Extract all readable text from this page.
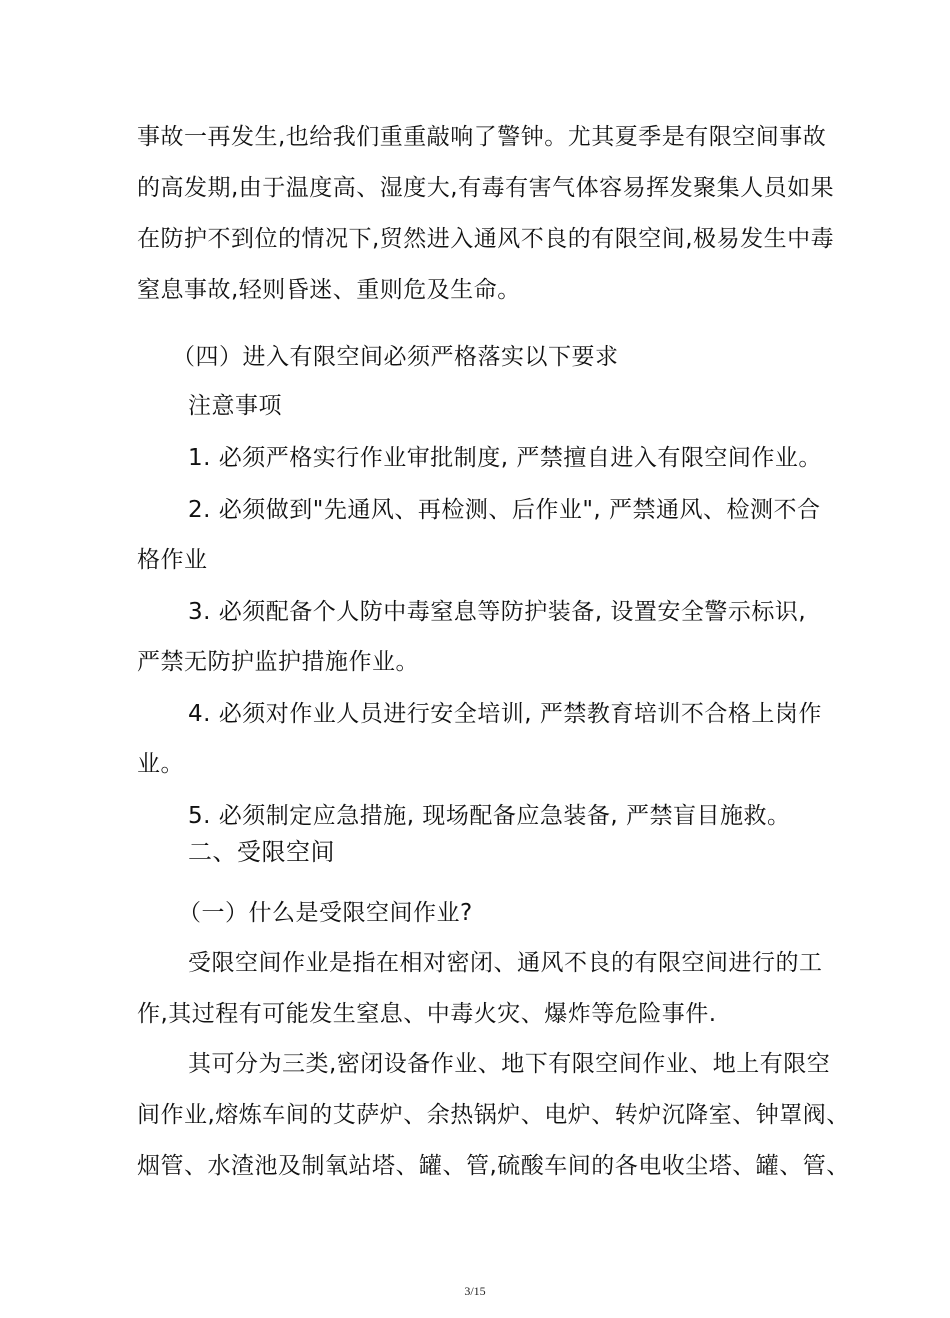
事故一再发生,也给我们重重敲响了警钟。尤其夏季是有限空间事故
的高发期,由于温度高、湿度大,有毒有害气体容易挥发聚集人员如果
在防护不到位的情况下,贸然进入通风不良的有限空间,极易发生中毒
窒息事故,轻则昏迷、重则危及生命。
（四）进入有限空间必须严格落实以下要求
注意事项
1. 必须严格实行作业审批制度, 严禁擅自进入有限空间作业。
2. 必须做到"先通风、再检测、后作业", 严禁通风、检测不合
格作业
3. 必须配备个人防中毒窒息等防护装备, 设置安全警示标识,
严禁无防护监护措施作业。
4. 必须对作业人员进行安全培训, 严禁教育培训不合格上岗作
业。
5. 必须制定应急措施, 现场配备应急装备, 严禁盲目施救。
二、受限空间
（一）什么是受限空间作业?
受限空间作业是指在相对密闭、通风不良的有限空间进行的工
作,其过程有可能发生窒息、中毒火灾、爆炸等危险事件.
其可分为三类,密闭设备作业、地下有限空间作业、地上有限空
间作业,熔炼车间的艾萨炉、余热锅炉、电炉、转炉沉降室、钟罩阀、
烟管、水渣池及制氧站塔、罐、管,硫酸车间的各电收尘塔、罐、管、
3/15
